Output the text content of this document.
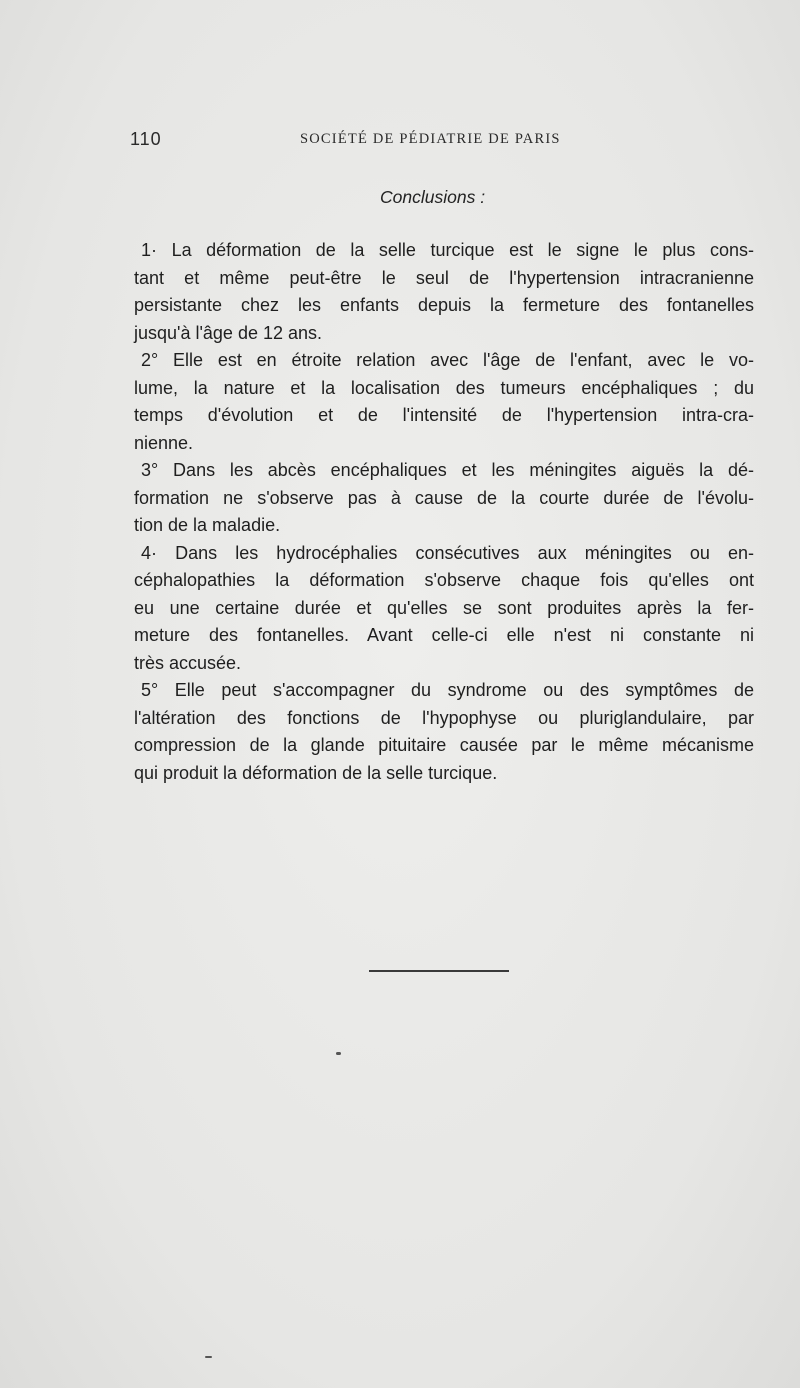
110	SOCIÉTÉ DE PÉDIATRIE DE PARIS
Conclusions :
1· La déformation de la selle turcique est le signe le plus cons-
tant et même peut-être le seul de l'hypertension intracranienne
persistante chez les enfants depuis la fermeture des fontanelles
jusqu'à l'âge de 12 ans.
2° Elle est en étroite relation avec l'âge de l'enfant, avec le vo-
lume, la nature et la localisation des tumeurs encéphaliques ; du
temps d'évolution et de l'intensité de l'hypertension intra-cra-
nienne.
3° Dans les abcès encéphaliques et les méningites aiguës la dé-
formation ne s'observe pas à cause de la courte durée de l'évolu-
tion de la maladie.
4· Dans les hydrocéphalies consécutives aux méningites ou en-
céphalopathies la déformation s'observe chaque fois qu'elles ont
eu une certaine durée et qu'elles se sont produites après la fer-
meture des fontanelles. Avant celle-ci elle n'est ni constante ni
très accusée.
5° Elle peut s'accompagner du syndrome ou des symptômes de
l'altération des fonctions de l'hypophyse ou pluriglandulaire, par
compression de la glande pituitaire causée par le même mécanisme
qui produit la déformation de la selle turcique.
